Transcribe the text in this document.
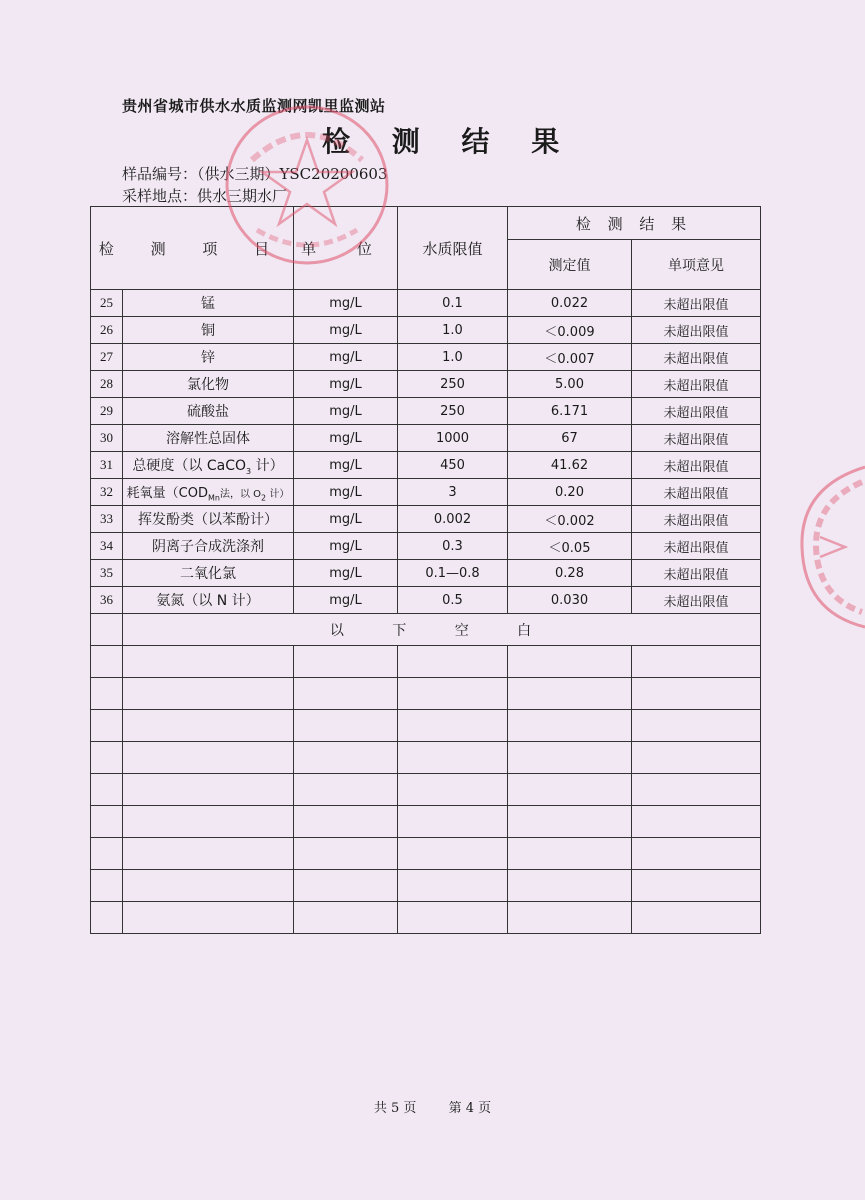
贵州省城市供水水质监测网凯里监测站
检 测 结 果
样品编号：（供水三期）YSC20200603
采样地点：供水三期水厂
检 测 项 目		单 位	水质限值	检 测 结 果	
				测定值	单项意见
25	锰	mg/L	0.1	0.022	未超出限值
26	铜	mg/L	1.0	＜0.009	未超出限值
27	锌	mg/L	1.0	＜0.007	未超出限值
28	氯化物	mg/L	250	5.00	未超出限值
29	硫酸盐	mg/L	250	6.171	未超出限值
30	溶解性总固体	mg/L	1000	67	未超出限值
31	总硬度（以 CaCO$_3$ 计）	mg/L	450	41.62	未超出限值
32	耗氧量（$COD_{Mn}$法，以 $O_2$ 计）	mg/L	3	0.20	未超出限值
33	挥发酚类（以苯酚计）	mg/L	0.002	＜0.002	未超出限值
34	阴离子合成洗涤剂	mg/L	0.3	＜0.05	未超出限值
35	二氧化氯	mg/L	0.1—0.8	0.28	未超出限值
36	氨氮（以 N 计）	mg/L	0.5	0.030	未超出限值
	以 下 空 白				

共 5 页 第 4 页
